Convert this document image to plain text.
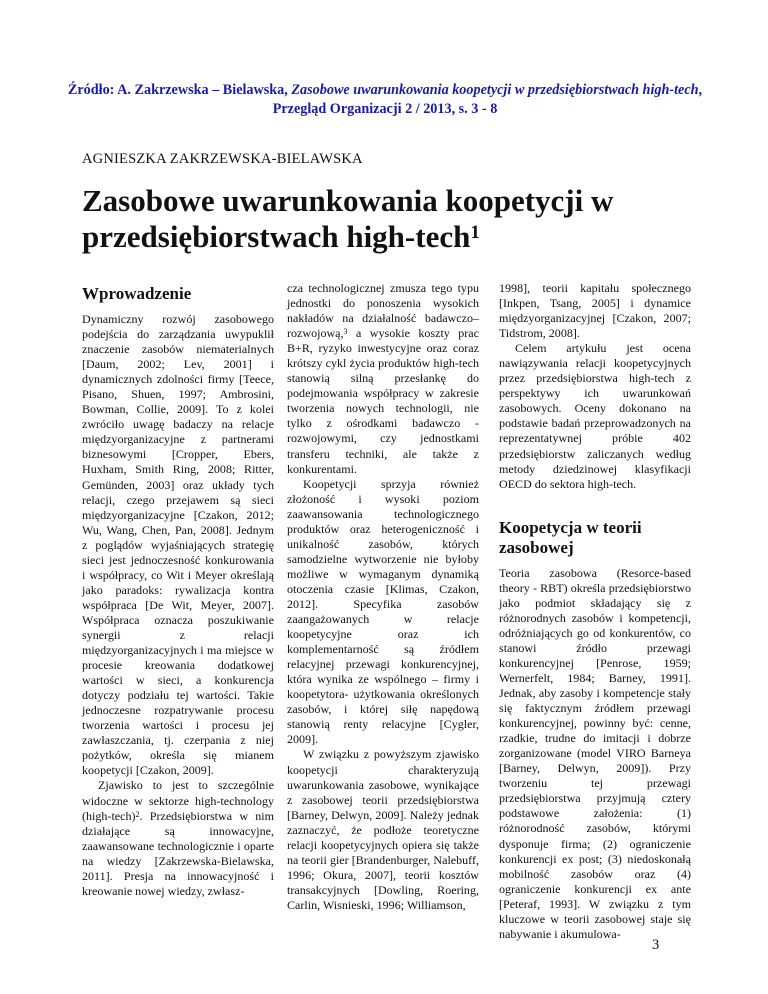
Źródło: A. Zakrzewska – Bielawska, Zasobowe uwarunkowania koopetycji w przedsiębiorstwach high-tech, Przegląd Organizacji 2 / 2013, s. 3 - 8
AGNIESZKA ZAKRZEWSKA-BIELAWSKA
Zasobowe uwarunkowania koopetycji w przedsiębiorstwach high-tech$^1$
Wprowadzenie

Dynamiczny rozwój zasobowego podejścia do zarządzania uwypuklił znaczenie zasobów niematerialnych [Daum, 2002; Lev, 2001] i dynamicznych zdolności firmy [Teece, Pisano, Shuen, 1997; Ambrosini, Bowman, Collie, 2009]. To z kolei zwróciło uwagę badaczy na relacje międzyorganizacyjne z partnerami biznesowymi [Cropper, Ebers, Huxham, Smith Ring, 2008; Ritter, Gemünden, 2003] oraz układy tych relacji, czego przejawem są sieci międzyorganizacyjne [Czakon, 2012; Wu, Wang, Chen, Pan, 2008]. Jednym z poglądów wyjaśniających strategię sieci jest jednoczesność konkurowania i współpracy, co Wit i Meyer określają jako paradoks: rywalizacja kontra współpraca [De Wit, Meyer, 2007]. Współpraca oznacza poszukiwanie synergii z relacji międzyorganizacyjnych i ma miejsce w procesie kreowania dodatkowej wartości w sieci, a konkurencja dotyczy podziału tej wartości. Takie jednoczesne rozpatrywanie procesu tworzenia wartości i procesu jej zawłaszczania, tj. czerpania z niej pożytków, określa się mianem koopetycji [Czakon, 2009].

Zjawisko to jest to szczególnie widoczne w sektorze high-technology (high-tech)$^2$. Przedsiębiorstwa w nim działające są innowacyjne, zaawansowane technologicznie i oparte na wiedzy [Zakrzewska-Bielawska, 2011]. Presja na innowacyjność i kreowanie nowej wiedzy, zwłasz-

cza technologicznej zmusza tego typu jednostki do ponoszenia wysokich nakładów na działalność badawczo–rozwojową,$^3$ a wysokie koszty prac B+R, ryzyko inwestycyjne oraz coraz krótszy cykl życia produktów high-tech stanowią silną przesłankę do podejmowania współpracy w zakresie tworzenia nowych technologii, nie tylko z ośrodkami badawczo - rozwojowymi, czy jednostkami transferu techniki, ale także z konkurentami.

Koopetycji sprzyja również złożoność i wysoki poziom zaawansowania technologicznego produktów oraz heterogeniczność i unikalność zasobów, których samodzielne wytworzenie nie byłoby możliwe w wymaganym dynamiką otoczenia czasie [Klimas, Czakon, 2012]. Specyfika zasobów zaangażowanych w relacje koopetycyjne oraz ich komplementarność są źródłem relacyjnej przewagi konkurencyjnej, która wynika ze wspólnego – firmy i koopetytora- użytkowania określonych zasobów, i której siłę napędową stanowią renty relacyjne [Cygler, 2009].

W związku z powyższym zjawisko koopetycji charakteryzują uwarunkowania zasobowe, wynikające z zasobowej teorii przedsiębiorstwa [Barney, Delwyn, 2009]. Należy jednak zaznaczyć, że podłoże teoretyczne relacji koopetycyjnych opiera się także na teorii gier [Brandenburger, Nalebuff, 1996; Okura, 2007], teorii kosztów transakcyjnych [Dowling, Roering, Carlin, Wisnieski, 1996; Williamson,

1998], teorii kapitału społecznego [Inkpen, Tsang, 2005] i dynamice międzyorganizacyjnej [Czakon, 2007; Tidstrom, 2008].

Celem artykułu jest ocena nawiązywania relacji koopetycyjnych przez przedsiębiorstwa high-tech z perspektywy ich uwarunkowań zasobowych. Oceny dokonano na podstawie badań przeprowadzonych na reprezentatywnej próbie 402 przedsiębiorstw zaliczanych według metody dziedzinowej klasyfikacji OECD do sektora high-tech.

Koopetycja w teorii zasobowej

Teoria zasobowa (Resorce-based theory - RBT) określa przedsiębiorstwo jako podmiot składający się z różnorodnych zasobów i kompetencji, odróżniających go od konkurentów, co stanowi źródło przewagi konkurencyjnej [Penrose, 1959; Wernerfelt, 1984; Barney, 1991]. Jednak, aby zasoby i kompetencje stały się faktycznym źródłem przewagi konkurencyjnej, powinny być: cenne, rzadkie, trudne do imitacji i dobrze zorganizowane (model VIRO Barneya [Barney, Delwyn, 2009]). Przy tworzeniu tej przewagi przedsiębiorstwa przyjmują cztery podstawowe założenia: (1) różnorodność zasobów, którymi dysponuje firma; (2) ograniczenie konkurencji ex post; (3) niedoskonałą mobilność zasobów oraz (4) ograniczenie konkurencji ex ante [Peteraf, 1993]. W związku z tym kluczowe w teorii zasobowej staje się nabywanie i akumulowa-

3
